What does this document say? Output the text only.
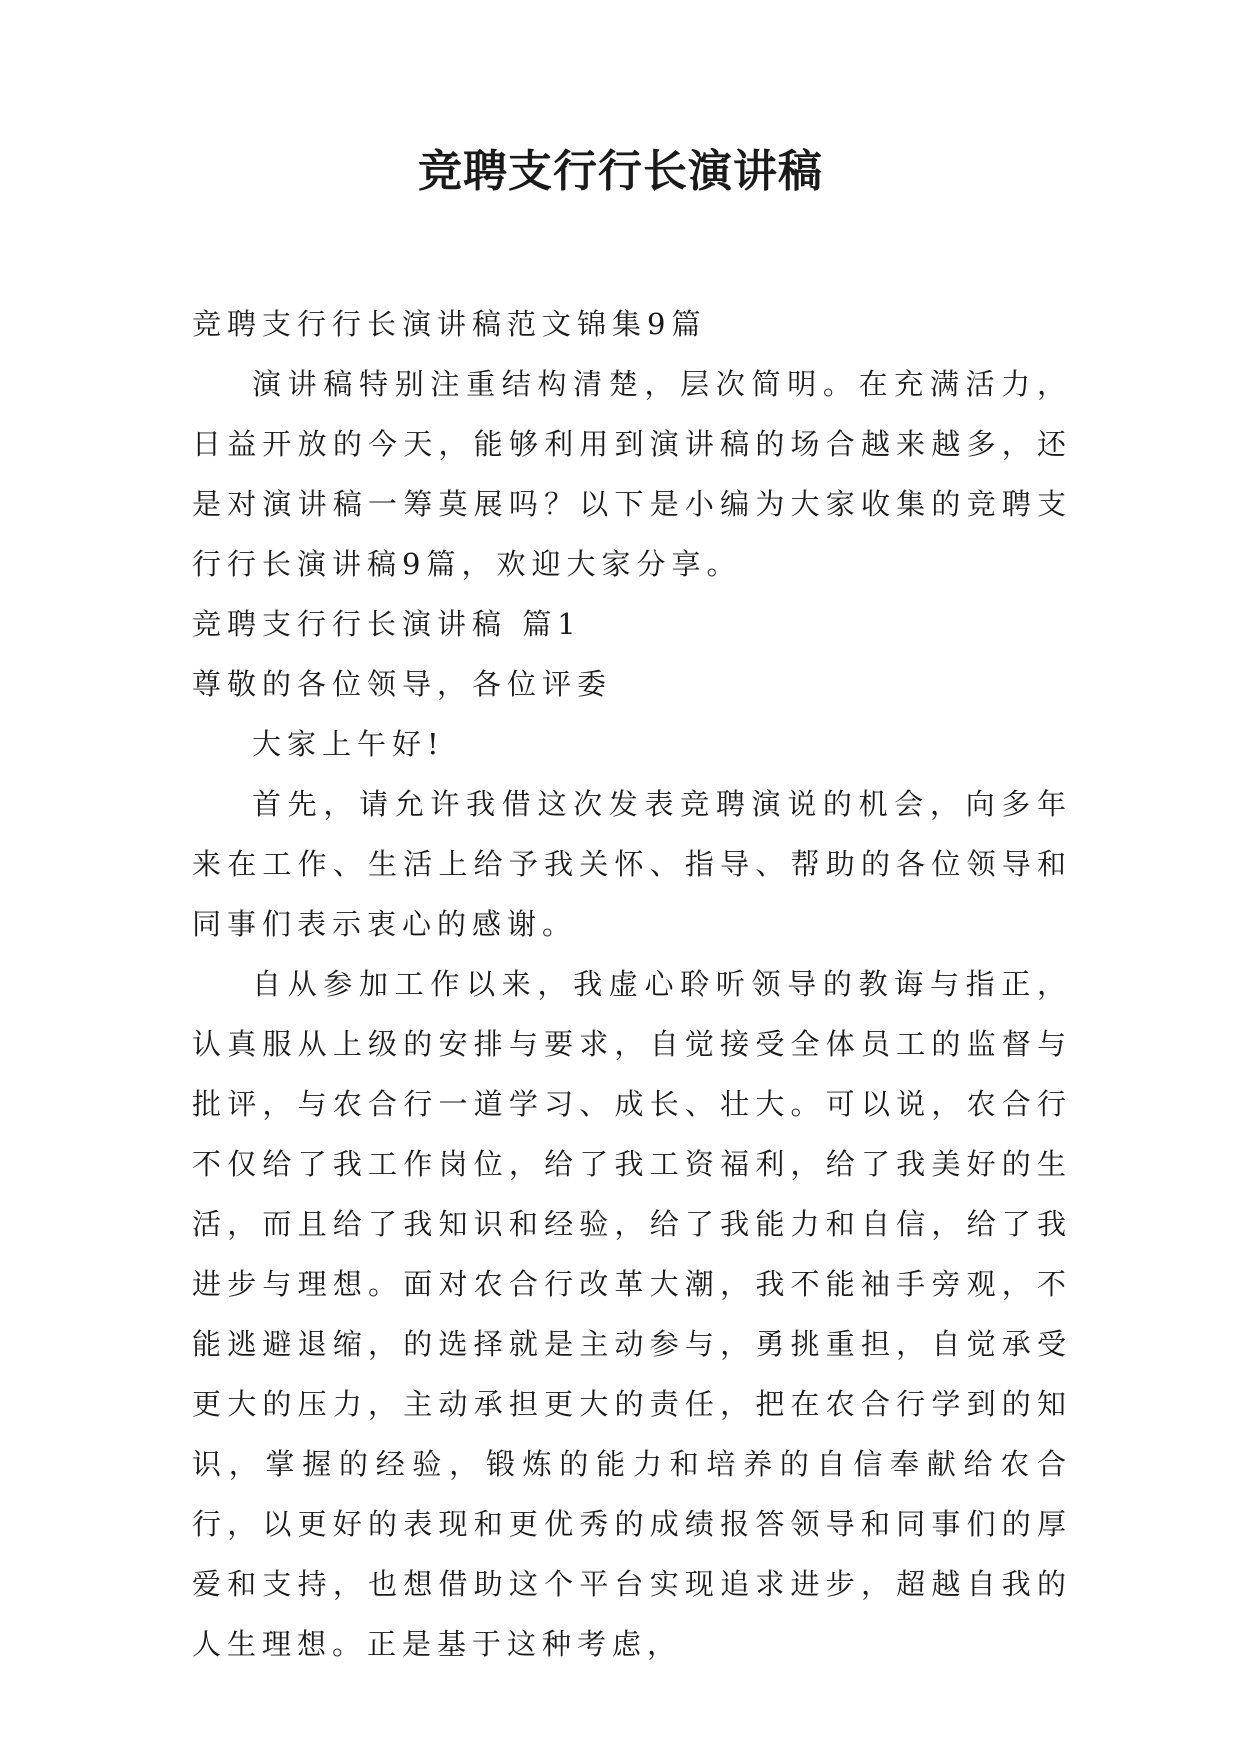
竞聘支行行长演讲稿

竞聘支行行长演讲稿范文锦集9篇

演讲稿特别注重结构清楚，层次简明。在充满活力，日益开放的今天，能够利用到演讲稿的场合越来越多，还是对演讲稿一筹莫展吗？以下是小编为大家收集的竞聘支行行长演讲稿9篇，欢迎大家分享。

竞聘支行行长演讲稿 篇1

尊敬的各位领导，各位评委

大家上午好!

首先，请允许我借这次发表竞聘演说的机会，向多年来在工作、生活上给予我关怀、指导、帮助的各位领导和同事们表示衷心的感谢。

自从参加工作以来，我虚心聆听领导的教诲与指正，认真服从上级的安排与要求，自觉接受全体员工的监督与批评，与农合行一道学习、成长、壮大。可以说，农合行不仅给了我工作岗位，给了我工资福利，给了我美好的生活，而且给了我知识和经验，给了我能力和自信，给了我进步与理想。面对农合行改革大潮，我不能袖手旁观，不能逃避退缩，的选择就是主动参与，勇挑重担，自觉承受更大的压力，主动承担更大的责任，把在农合行学到的知识，掌握的经验，锻炼的能力和培养的自信奉献给农合行，以更好的表现和更优秀的成绩报答领导和同事们的厚爱和支持，也想借助这个平台实现追求进步，超越自我的人生理想。正是基于这种考虑，
